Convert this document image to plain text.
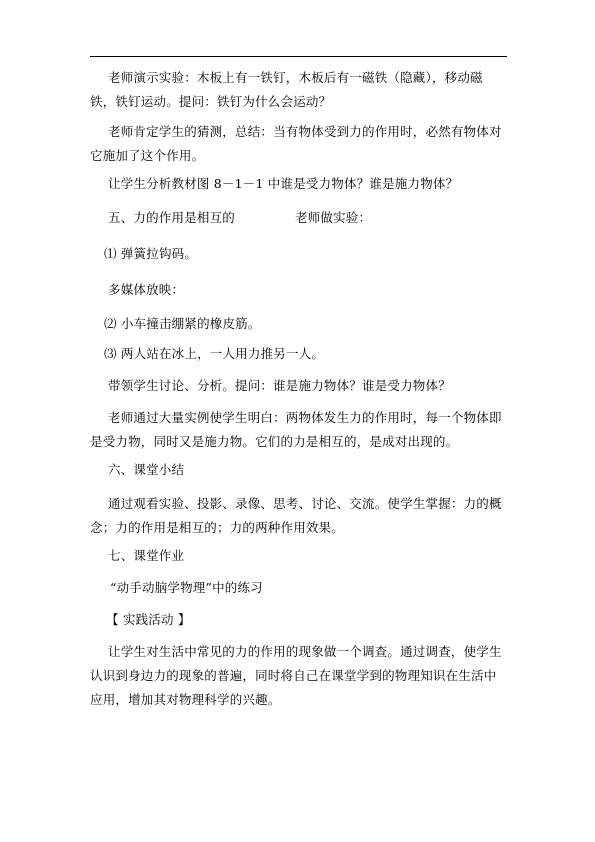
老师演示实验：木板上有一铁钉，木板后有一磁铁（隐藏），移动磁铁，铁钉运动。提问：铁钉为什么会运动？

老师肯定学生的猜测，总结：当有物体受到力的作用时，必然有物体对它施加了这个作用。

让学生分析教材图 8－1－1 中谁是受力物体？谁是施力物体？

五、力的作用是相互的	老师做实验：
⑴ 弹簧拉钩码。
多媒体放映：
⑵ 小车撞击绷紧的橡皮筋。
⑶ 两人站在冰上，一人用力推另一人。
带领学生讨论、分析。提问：谁是施力物体？谁是受力物体？

老师通过大量实例使学生明白：两物体发生力的作用时，每一个物体即是受力物，同时又是施力物。它们的力是相互的，是成对出现的。

六、课堂小结

通过观看实验、投影、录像、思考、讨论、交流。使学生掌握：力的概念；力的作用是相互的；力的两种作用效果。

七、课堂作业
“动手动脑学物理”中的练习
【 实践活动 】

让学生对生活中常见的力的作用的现象做一个调查。通过调查，使学生认识到身边力的现象的普遍，同时将自己在课堂学到的物理知识在生活中应用，增加其对物理科学的兴趣。
